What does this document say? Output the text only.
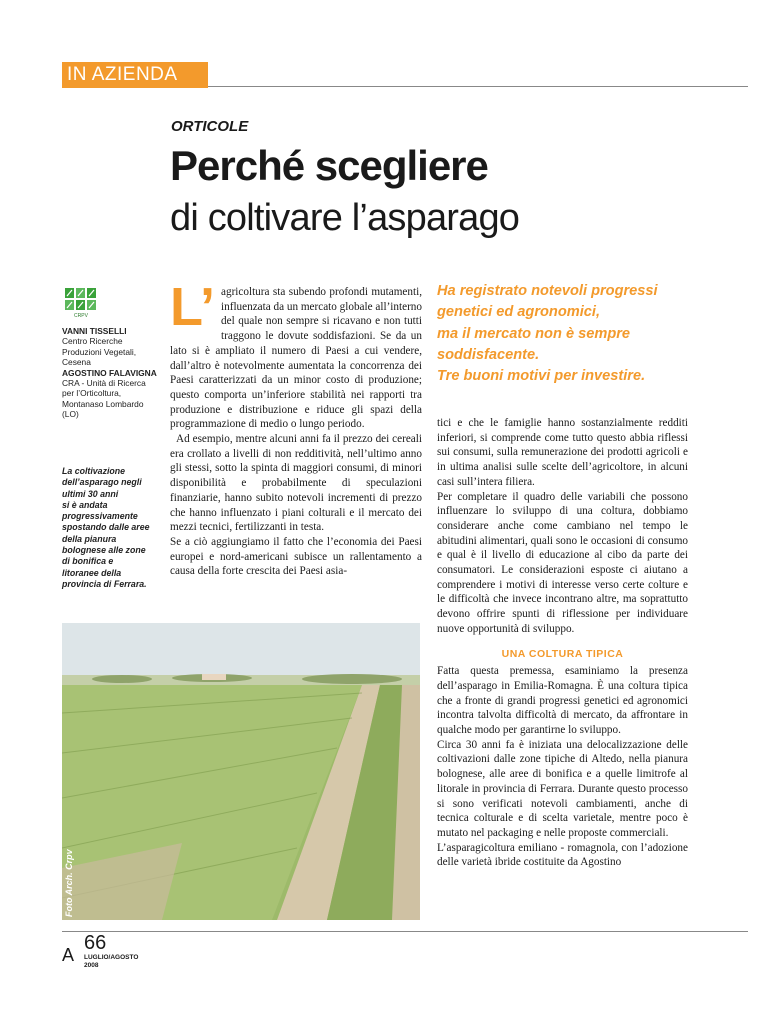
IN AZIENDA
ORTICOLE
Perché scegliere
di coltivare l’asparago
CRPV
VANNI TISSELLI
Centro Ricerche
Produzioni Vegetali,
Cesena
AGOSTINO FALAVIGNA
CRA - Unità di Ricerca
per l’Orticoltura,
Montanaso Lombardo (LO)
La coltivazione
dell’asparago negli
ultimi 30 anni
si è andata
progressivamente
spostando dalle aree
della pianura
bolognese alle zone
di bonifica e
litoranee della
provincia di Ferrara.
L’ agricoltura sta subendo profondi mutamenti, influenzata da un mercato globale all’interno del quale non sempre si ricavano e non tutti traggono le dovute soddisfazioni. Se da un lato si è ampliato il numero di Paesi a cui vendere, dall’altro è notevolmente aumentata la concorrenza dei Paesi caratterizzati da un minor costo di produzione; questo comporta un’inferiore stabilità nei rapporti tra produzione e distribuzione e riduce gli spazi della programmazione di medio o lungo periodo.
Ad esempio, mentre alcuni anni fa il prezzo dei cereali era crollato a livelli di non redditività, nell’ultimo anno gli stessi, sotto la spinta di maggiori consumi, di minori disponibilità e probabilmente di speculazioni finanziarie, hanno subito notevoli incrementi di prezzo che hanno influenzato i piani colturali e il mercato dei mezzi tecnici, fertilizzanti in testa.
Se a ciò aggiungiamo il fatto che l’economia dei Paesi europei e nord-americani subisce un rallentamento a causa della forte crescita dei Paesi asia-
Ha registrato notevoli progressi
genetici ed agronomici,
ma il mercato non è sempre
soddisfacente.
Tre buoni motivi per investire.
tici e che le famiglie hanno sostanzialmente redditi inferiori, si comprende come tutto questo abbia riflessi sui consumi, sulla remunerazione dei prodotti agricoli e in ultima analisi sulle scelte dell’agricoltore, in alcuni casi sull’intera filiera.
Per completare il quadro delle variabili che possono influenzare lo sviluppo di una coltura, dobbiamo considerare anche come cambiano nel tempo le abitudini alimentari, quali sono le occasioni di consumo e qual è il livello di educazione al cibo da parte dei consumatori. Le considerazioni esposte ci aiutano a comprendere i motivi di interesse verso certe colture e le difficoltà che invece incontrano altre, ma soprattutto devono offrire spunti di riflessione per individuare nuove opportunità di sviluppo.
UNA COLTURA TIPICA
Fatta questa premessa, esaminiamo la presenza dell’asparago in Emilia-Romagna. È una coltura tipica che a fronte di grandi progressi genetici ed agronomici incontra talvolta difficoltà di mercato, da affrontare in qualche modo per garantirne lo sviluppo.
Circa 30 anni fa è iniziata una delocalizzazione delle coltivazioni dalle zone tipiche di Altedo, nella pianura bolognese, alle aree di bonifica e a quelle limitrofe al litorale in provincia di Ferrara. Durante questo processo si sono verificati notevoli cambiamenti, anche di tecnica colturale e di scelta varietale, mentre poco è mutato nel packaging e nelle proposte commerciali.
L’asparagicoltura emiliano - romagnola, con l’adozione delle varietà ibride costituite da Agostino
Foto Arch. Crpv
A
66
LUGLIO/AGOSTO
2008
